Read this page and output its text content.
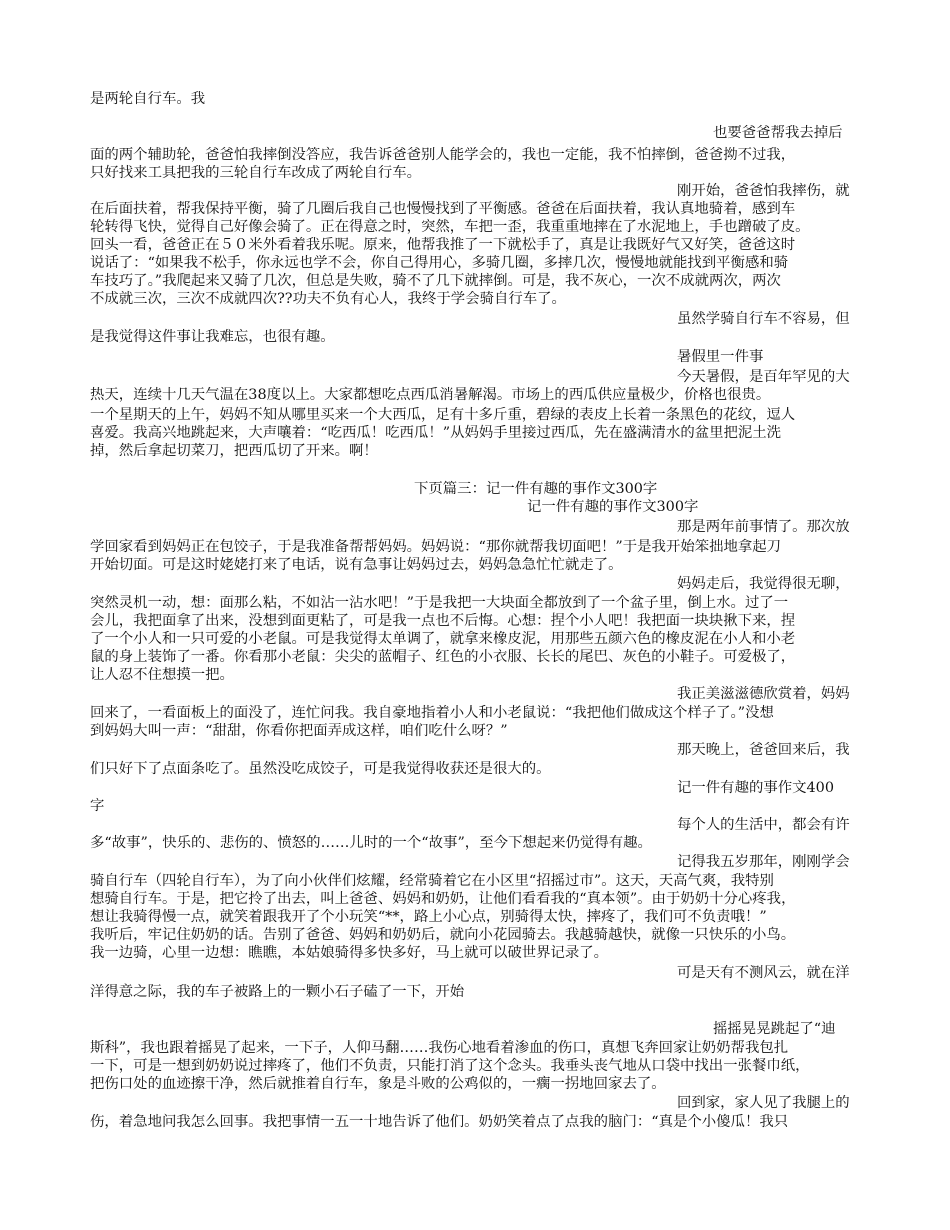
是两轮自行车。我
也要爸爸帮我去掉后
面的两个辅助轮，爸爸怕我摔倒没答应，我告诉爸爸别人能学会的，我也一定能，我不怕摔倒，爸爸拗不过我，
只好找来工具把我的三轮自行车改成了两轮自行车。
刚开始，爸爸怕我摔伤，就
在后面扶着，帮我保持平衡，骑了几圈后我自己也慢慢找到了平衡感。爸爸在后面扶着，我认真地骑着，感到车
轮转得飞快，觉得自己好像会骑了。正在得意之时，突然，车把一歪，我重重地摔在了水泥地上，手也蹭破了皮。
回头一看，爸爸正在５０米外看着我乐呢。原来，他帮我推了一下就松手了，真是让我既好气又好笑，爸爸这时
说话了：“如果我不松手，你永远也学不会，你自己得用心，多骑几圈，多摔几次，慢慢地就能找到平衡感和骑
车技巧了。”我爬起来又骑了几次，但总是失败，骑不了几下就摔倒。可是，我不灰心，一次不成就两次，两次
不成就三次，三次不成就四次??功夫不负有心人，我终于学会骑自行车了。
虽然学骑自行车不容易，但
是我觉得这件事让我难忘，也很有趣。
暑假里一件事
今天暑假，是百年罕见的大
热天，连续十几天气温在38度以上。大家都想吃点西瓜消暑解渴。市场上的西瓜供应量极少，价格也很贵。
一个星期天的上午，妈妈不知从哪里买来一个大西瓜，足有十多斤重，碧绿的表皮上长着一条黑色的花纹，逗人
喜爱。我高兴地跳起来，大声嚷着：“吃西瓜！吃西瓜！”从妈妈手里接过西瓜，先在盛满清水的盆里把泥土洗
掉，然后拿起切菜刀，把西瓜切了开来。啊！
下页篇三：记一件有趣的事作文300字
记一件有趣的事作文300字
那是两年前事情了。那次放
学回家看到妈妈正在包饺子，于是我准备帮帮妈妈。妈妈说：“那你就帮我切面吧！”于是我开始笨拙地拿起刀
开始切面。可是这时姥姥打来了电话，说有急事让妈妈过去，妈妈急急忙忙就走了。
妈妈走后，我觉得很无聊，
突然灵机一动，想：面那么粘，不如沾一沾水吧！”于是我把一大块面全都放到了一个盆子里，倒上水。过了一
会儿，我把面拿了出来，没想到面更粘了，可是我一点也不后悔。心想：捏个小人吧！我把面一块块揪下来，捏
了一个小人和一只可爱的小老鼠。可是我觉得太单调了，就拿来橡皮泥，用那些五颜六色的橡皮泥在小人和小老
鼠的身上装饰了一番。你看那小老鼠：尖尖的蓝帽子、红色的小衣服、长长的尾巴、灰色的小鞋子。可爱极了，
让人忍不住想摸一把。
我正美滋滋德欣赏着，妈妈
回来了，一看面板上的面没了，连忙问我。我自豪地指着小人和小老鼠说：“我把他们做成这个样子了。”没想
到妈妈大叫一声：“甜甜，你看你把面弄成这样，咱们吃什么呀？”
那天晚上，爸爸回来后，我
们只好下了点面条吃了。虽然没吃成饺子，可是我觉得收获还是很大的。
记一件有趣的事作文400
字
每个人的生活中，都会有许
多“故事”，快乐的、悲伤的、愤怒的……儿时的一个“故事”，至今下想起来仍觉得有趣。
记得我五岁那年，刚刚学会
骑自行车（四轮自行车），为了向小伙伴们炫耀，经常骑着它在小区里“招摇过市”。这天，天高气爽，我特别
想骑自行车。于是，把它拎了出去，叫上爸爸、妈妈和奶奶，让他们看看我的“真本领”。由于奶奶十分心疼我，
想让我骑得慢一点，就笑着跟我开了个小玩笑“**，路上小心点，别骑得太快，摔疼了，我们可不负责哦！”
我听后，牢记住奶奶的话。告别了爸爸、妈妈和奶奶后，就向小花园骑去。我越骑越快，就像一只快乐的小鸟。
我一边骑，心里一边想：瞧瞧，本姑娘骑得多快多好，马上就可以破世界记录了。
可是天有不测风云，就在洋
洋得意之际，我的车子被路上的一颗小石子磕了一下，开始
摇摇晃晃跳起了“迪
斯科”，我也跟着摇晃了起来，一下子，人仰马翻……我伤心地看着渗血的伤口，真想飞奔回家让奶奶帮我包扎
一下，可是一想到奶奶说过摔疼了，他们不负责，只能打消了这个念头。我垂头丧气地从口袋中找出一张餐巾纸，
把伤口处的血迹擦干净，然后就推着自行车，象是斗败的公鸡似的，一瘸一拐地回家去了。
回到家，家人见了我腿上的
伤，着急地问我怎么回事。我把事情一五一十地告诉了他们。奶奶笑着点了点我的脑门：“真是个小傻瓜！我只
